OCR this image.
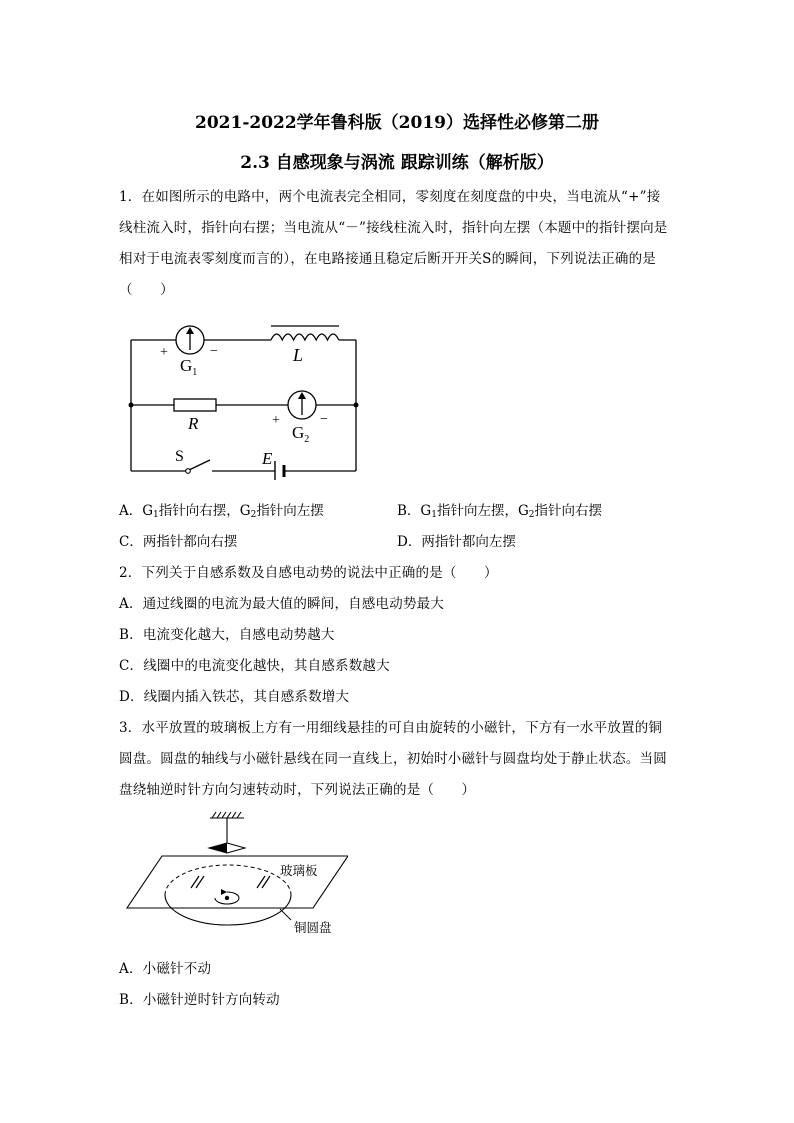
2021-2022学年鲁科版（2019）选择性必修第二册
2.3 自感现象与涡流 跟踪训练（解析版）
1．在如图所示的电路中，两个电流表完全相同，零刻度在刻度盘的中央，当电流从“+”接
线柱流入时，指针向右摆；当电流从“－”接线柱流入时，指针向左摆（本题中的指针摆向是
相对于电流表零刻度而言的），在电路接通且稳定后断开开关S的瞬间，下列说法正确的是
（　　）
+	−
$G_1$
L
R	+	−
$G_2$
S	E
A．$G_1$指针向右摆，$G_2$指针向左摆	B．$G_1$指针向左摆，$G_2$指针向右摆
C．两指针都向右摆	D．两指针都向左摆
2．下列关于自感系数及自感电动势的说法中正确的是（　　）
A．通过线圈的电流为最大值的瞬间，自感电动势最大
B．电流变化越大，自感电动势越大
C．线圈中的电流变化越快，其自感系数越大
D．线圈内插入铁芯，其自感系数增大
3．水平放置的玻璃板上方有一用细线悬挂的可自由旋转的小磁针，下方有一水平放置的铜
圆盘。圆盘的轴线与小磁针悬线在同一直线上，初始时小磁针与圆盘均处于静止状态。当圆
盘绕轴逆时针方向匀速转动时，下列说法正确的是（　　）
玻璃板
铜圆盘
A．小磁针不动
B．小磁针逆时针方向转动
